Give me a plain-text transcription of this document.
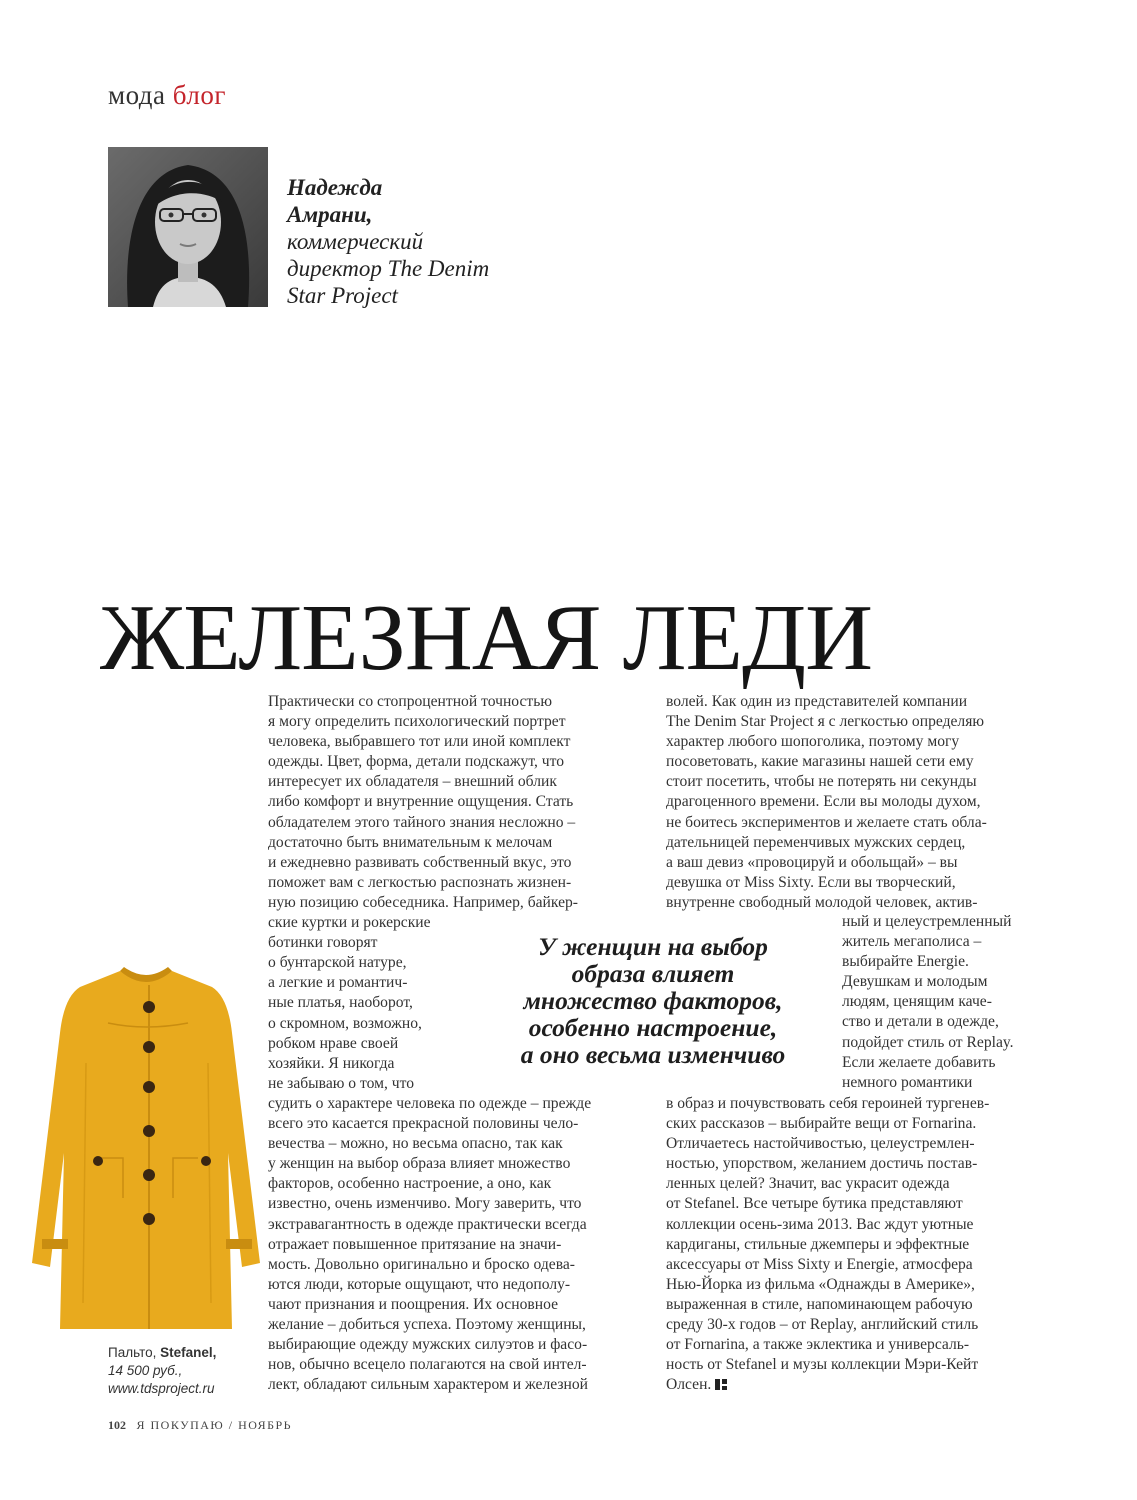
мода блог
Надежда
Амрани,
коммерческий
директор The Denim
Star Project
ЖЕЛЕЗНАЯ ЛЕДИ
Практически со стопроцентной точностью
я могу определить психологический портрет
человека, выбравшего тот или иной комплект
одежды. Цвет, форма, детали подскажут, что
интересует их обладателя – внешний облик
либо комфорт и внутренние ощущения. Стать
обладателем этого тайного знания несложно –
достаточно быть внимательным к мелочам
и ежедневно развивать собственный вкус, это
поможет вам с легкостью распознать жизнен-
ную позицию собеседника. Например, байкер-
ские куртки и рокерские
ботинки говорят
о бунтарской натуре,
а легкие и романтич-
ные платья, наоборот,
о скромном, возможно,
робком нраве своей
хозяйки. Я никогда
не забываю о том, что
судить о характере человека по одежде – прежде
всего это касается прекрасной половины чело-
вечества – можно, но весьма опасно, так как
у женщин на выбор образа влияет множество
факторов, особенно настроение, а оно, как
известно, очень изменчиво. Могу заверить, что
экстравагантность в одежде практически всегда
отражает повышенное притязание на значи-
мость. Довольно оригинально и броско одева-
ются люди, которые ощущают, что недополу-
чают признания и поощрения. Их основное
желание – добиться успеха. Поэтому женщины,
выбирающие одежду мужских силуэтов и фасо-
нов, обычно всецело полагаются на свой интел-
лект, обладают сильным характером и железной
волей. Как один из представителей компании
The Denim Star Project я с легкостью определяю
характер любого шопоголика, поэтому могу
посоветовать, какие магазины нашей сети ему
стоит посетить, чтобы не потерять ни секунды
драгоценного времени. Если вы молоды духом,
не боитесь экспериментов и желаете стать обла-
дательницей переменчивых мужских сердец,
а ваш девиз «провоцируй и обольщай» – вы
девушка от Miss Sixty. Если вы творческий,
внутренне свободный молодой человек, актив-
ный и целеустремленный
житель мегаполиса –
выбирайте Energie.
Девушкам и молодым
людям, ценящим каче-
ство и детали в одежде,
подойдет стиль от Replay.
Если желаете добавить
немного романтики
в образ и почувствовать себя героиней тургенев-
ских рассказов – выбирайте вещи от Fornarina.
Отличаетесь настойчивостью, целеустремлен-
ностью, упорством, желанием достичь постав-
ленных целей? Значит, вас украсит одежда
от Stefanel. Все четыре бутика представляют
коллекции осень-зима 2013. Вас ждут уютные
кардиганы, стильные джемперы и эффектные
аксессуары от Miss Sixty и Energie, атмосфера
Нью-Йорка из фильма «Однажды в Америке»,
выраженная в стиле, напоминающем рабочую
среду 30-х годов – от Replay, английский стиль
от Fornarina, а также эклектика и универсаль-
ность от Stefanel и музы коллекции Мэри-Кейт
Олсен.
У женщин на выбор
образа влияет
множество факторов,
особенно настроение,
а оно весьма изменчиво
Пальто, Stefanel,
14 500 руб.,
www.tdsproject.ru
102 Я ПОКУПАЮ / НОЯБРЬ
